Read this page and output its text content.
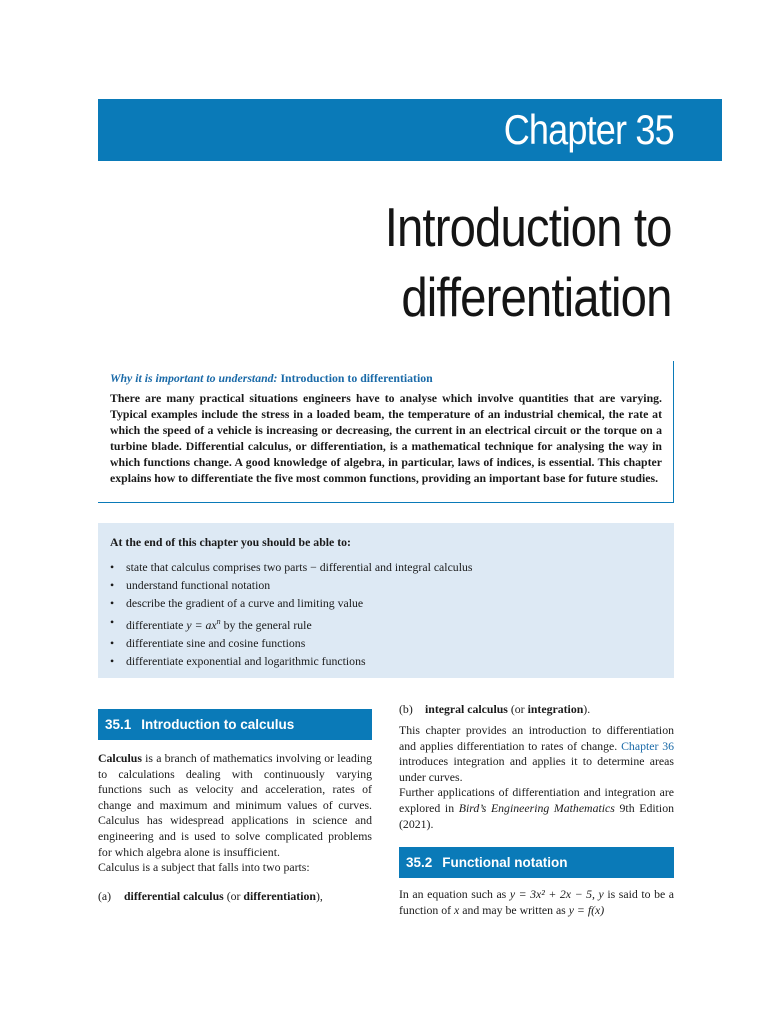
Chapter 35
Introduction to
differentiation
Why it is important to understand: Introduction to differentiation
There are many practical situations engineers have to analyse which involve quantities that are varying. Typical examples include the stress in a loaded beam, the temperature of an industrial chemical, the rate at which the speed of a vehicle is increasing or decreasing, the current in an electrical circuit or the torque on a turbine blade. Differential calculus, or differentiation, is a mathematical technique for analysing the way in which functions change. A good knowledge of algebra, in particular, laws of indices, is essential. This chapter explains how to differentiate the five most common functions, providing an important base for future studies.
At the end of this chapter you should be able to:
• state that calculus comprises two parts − differential and integral calculus
• understand functional notation
• describe the gradient of a curve and limiting value
• differentiate $y = ax^n$ by the general rule
• differentiate sine and cosine functions
• differentiate exponential and logarithmic functions
35.1 Introduction to calculus
Calculus is a branch of mathematics involving or leading to calculations dealing with continuously varying functions such as velocity and acceleration, rates of change and maximum and minimum values of curves. Calculus has widespread applications in science and engineering and is used to solve complicated problems for which algebra alone is insufficient.
Calculus is a subject that falls into two parts:
(a) differential calculus (or differentiation),
(b) integral calculus (or integration).
This chapter provides an introduction to differentiation and applies differentiation to rates of change. Chapter 36 introduces integration and applies it to determine areas under curves.
Further applications of differentiation and integration are explored in Bird’s Engineering Mathematics 9th Edition (2021).
35.2 Functional notation
In an equation such as y = 3x² + 2x − 5, y is said to be a function of x and may be written as y = f(x)
